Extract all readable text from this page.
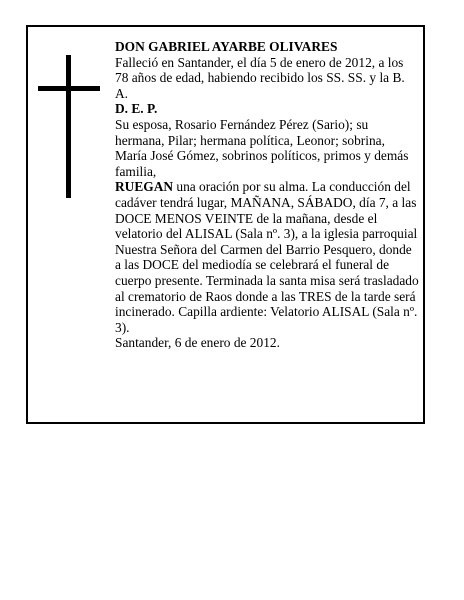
DON GABRIEL AYARBE OLIVARES

Falleció en Santander, el día 5 de enero de 2012, a los 78 años de edad, habiendo recibido los SS. SS. y la B. A.

D. E. P.

Su esposa, Rosario Fernández Pérez (Sario); su hermana, Pilar; hermana política, Leonor; sobrina, María José Gómez, sobrinos políticos, primos y demás familia,

RUEGAN una oración por su alma. La conducción del cadáver tendrá lugar, MAÑANA, SÁBADO, día 7, a las DOCE MENOS VEINTE de la mañana, desde el velatorio del ALISAL (Sala nº. 3), a la iglesia parroquial Nuestra Señora del Carmen del Barrio Pesquero, donde a las DOCE del mediodía se celebrará el funeral de cuerpo presente. Terminada la santa misa será trasladado al crematorio de Raos donde a las TRES de la tarde será incinerado. Capilla ardiente: Velatorio ALISAL (Sala nº. 3).

Santander, 6 de enero de 2012.
